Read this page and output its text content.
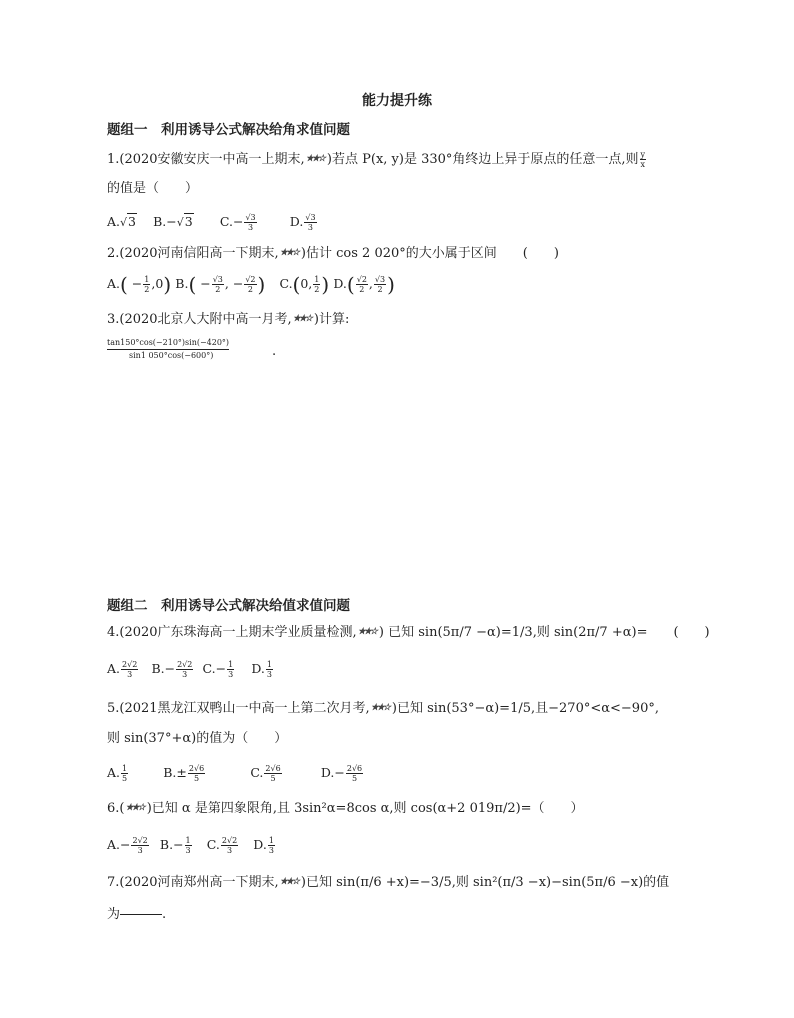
能力提升练
题组一　利用诱导公式解决给角求值问题
1.(2020安徽安庆一中高一上期末,★★☆ )若点 P(x, y)是 330°角终边上异于原点的任意一点,则 $\frac{y}{x}$
的值是（　　）
A.√3 B.−√3 $C.- \frac{√3}{3}$	D. $\frac{√3}{3}$
2.(2020河南信阳高一下期末,★★☆ )估计 cos 2 020°的大小属于区间　　(　　)
$A.( - \frac{1}{2} ,0)$ $B.( - \frac{√3}{2}$ , − $\frac{√2}{2}$ ) C.(0, $\frac{1}{2}$ ) $D.( \frac{√2}{2}$ , $\frac{√3}{2}$ )
3.(2020北京人大附中高一月考,★★☆ )计算:
$\frac{\tan 150^\circ\cos(-210^\circ)\sin(-420^\circ)}{\sin 1 050^\circ\cos(-600^\circ)}$	.
题组二　利用诱导公式解决给值求值问题
4.(2020广东珠海高一上期末学业质量检测,★★☆ ) 已知 sin(5π/7 −α)=1/3,则 sin(2π/7 +α)=　　(　　)
A. $\frac{2√2}{3} B.- \frac{2√2}{3} C.- \frac{1}{3} D$. $\frac{1}{3}$
5.(2021黑龙江双鸭山一中高一上第二次月考,★★☆ )已知 sin(53°−α)=1/5,且−270°<α<−90°,
则 sin(37°+α)的值为（　　）
A. $\frac{1}{5}$	$B.\pm \frac{2√6}{5}$	C. $\frac{2√6}{5}$	$D.- \frac{2√6}{5}$
6.(★★☆ )已知 α 是第四象限角,且 3sin²α=8cos α,则 cos(α+2 019π/2)=（　　）
$A.- \frac{2√2}{3} B.- \frac{1}{3} C$. $\frac{2√2}{3} D$. $\frac{1}{3}$
7.(2020河南郑州高一下期末,★★☆ )已知 sin(π/6 +x)=−3/5,则 sin²(π/3 −x)−sin(5π/6 −x)的值
为	.
